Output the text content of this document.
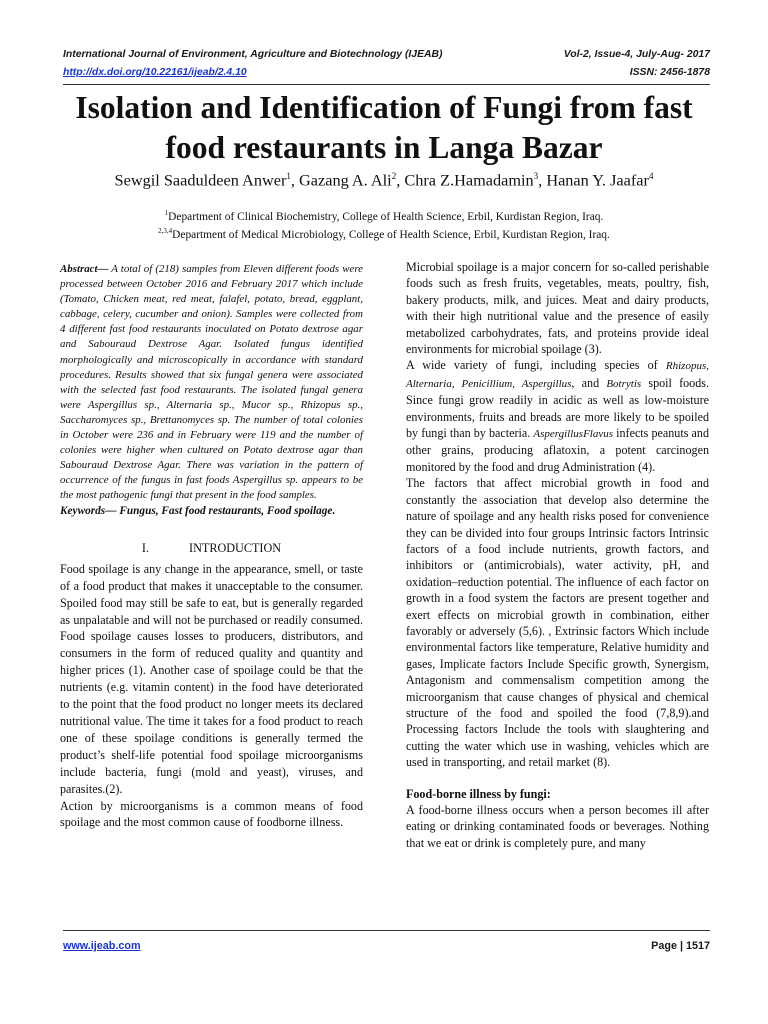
International Journal of Environment, Agriculture and Biotechnology (IJEAB)	Vol-2, Issue-4, July-Aug- 2017
http://dx.doi.org/10.22161/ijeab/2.4.10	ISSN: 2456-1878
Isolation and Identification of Fungi from fast
food restaurants in Langa Bazar
Sewgil Saaduldeen Anwer$^1$, Gazang A. Ali$^2$, Chra Z.Hamadamin$^3$, Hanan Y. Jaafar$^4$
$^1$Department of Clinical Biochemistry, College of Health Science, Erbil, Kurdistan Region, Iraq.
$^{2,3,4}$Department of Medical Microbiology, College of Health Science, Erbil, Kurdistan Region, Iraq.

Abstract— A total of (218) samples from Eleven different foods were processed between October 2016 and February 2017 which include (Tomato, Chicken meat, red meat, falafel, potato, bread, eggplant, cabbage, celery, cucumber and onion). Samples were collected from 4 different fast food restaurants inoculated on Potato dextrose agar and Sabouraud Dextrose Agar. Isolated fungus identified morphologically and microscopically in accordance with standard procedures. Results showed that six fungal genera were associated with the selected fast food restaurants. The isolated fungal genera were Aspergillus sp., Alternaria sp., Mucor sp., Rhizopus sp., Saccharomyces sp., Brettanomyces sp. The number of total colonies in October were 236 and in February were 119 and the number of colonies were higher when cultured on Potato dextrose agar than Sabouraud Dextrose Agar. There was variation in the pattern of occurrence of the fungus in fast foods Aspergillus sp. appears to be the most pathogenic fungi that present in the food samples.

Keywords— Fungus, Fast food restaurants, Food spoilage.

I.	INTRODUCTION

Food spoilage is any change in the appearance, smell, or taste of a food product that makes it unacceptable to the consumer. Spoiled food may still be safe to eat, but is generally regarded as unpalatable and will not be purchased or readily consumed. Food spoilage causes losses to producers, distributors, and consumers in the form of reduced quality and quantity and higher prices (1). Another case of spoilage could be that the nutrients (e.g. vitamin content) in the food have deteriorated to the point that the food product no longer meets its declared nutritional value. The time it takes for a food product to reach one of these spoilage conditions is generally termed the product’s shelf-life potential food spoilage microorganisms include bacteria, fungi (mold and yeast), viruses, and parasites.(2).

Action by microorganisms is a common means of food spoilage and the most common cause of foodborne illness.

Microbial spoilage is a major concern for so-called perishable foods such as fresh fruits, vegetables, meats, poultry, fish, bakery products, milk, and juices. Meat and dairy products, with their high nutritional value and the presence of easily metabolized carbohydrates, fats, and proteins provide ideal environments for microbial spoilage (3).

A wide variety of fungi, including species of Rhizopus, Alternaria, Penicillium, Aspergillus, and Botrytis spoil foods. Since fungi grow readily in acidic as well as low-moisture environments, fruits and breads are more likely to be spoiled by fungi than by bacteria. AspergillusFlavus infects peanuts and other grains, producing aflatoxin, a potent carcinogen monitored by the food and drug Administration (4).

The factors that affect microbial growth in food and constantly the association that develop also determine the nature of spoilage and any health risks posed for convenience they can be divided into four groups Intrinsic factors Intrinsic factors of a food include nutrients, growth factors, and inhibitors or (antimicrobials), water activity, pH, and oxidation–reduction potential. The influence of each factor on growth in a food system the factors are present together and exert effects on microbial growth in combination, either favorably or adversely (5,6). , Extrinsic factors Which include environmental factors like temperature, Relative humidity and gases, Implicate factors Include Specific growth, Synergism, Antagonism and commensalism competition among the microorganism that cause changes of physical and chemical structure of the food and spoiled the food (7,8,9).and Processing factors Include the tools with slaughtering and cutting the water which use in washing, vehicles which are used in transporting, and retail market (8).

Food-borne illness by fungi:

A food-borne illness occurs when a person becomes ill after eating or drinking contaminated foods or beverages. Nothing that we eat or drink is completely pure, and many

www.ijeab.com	Page | 1517
